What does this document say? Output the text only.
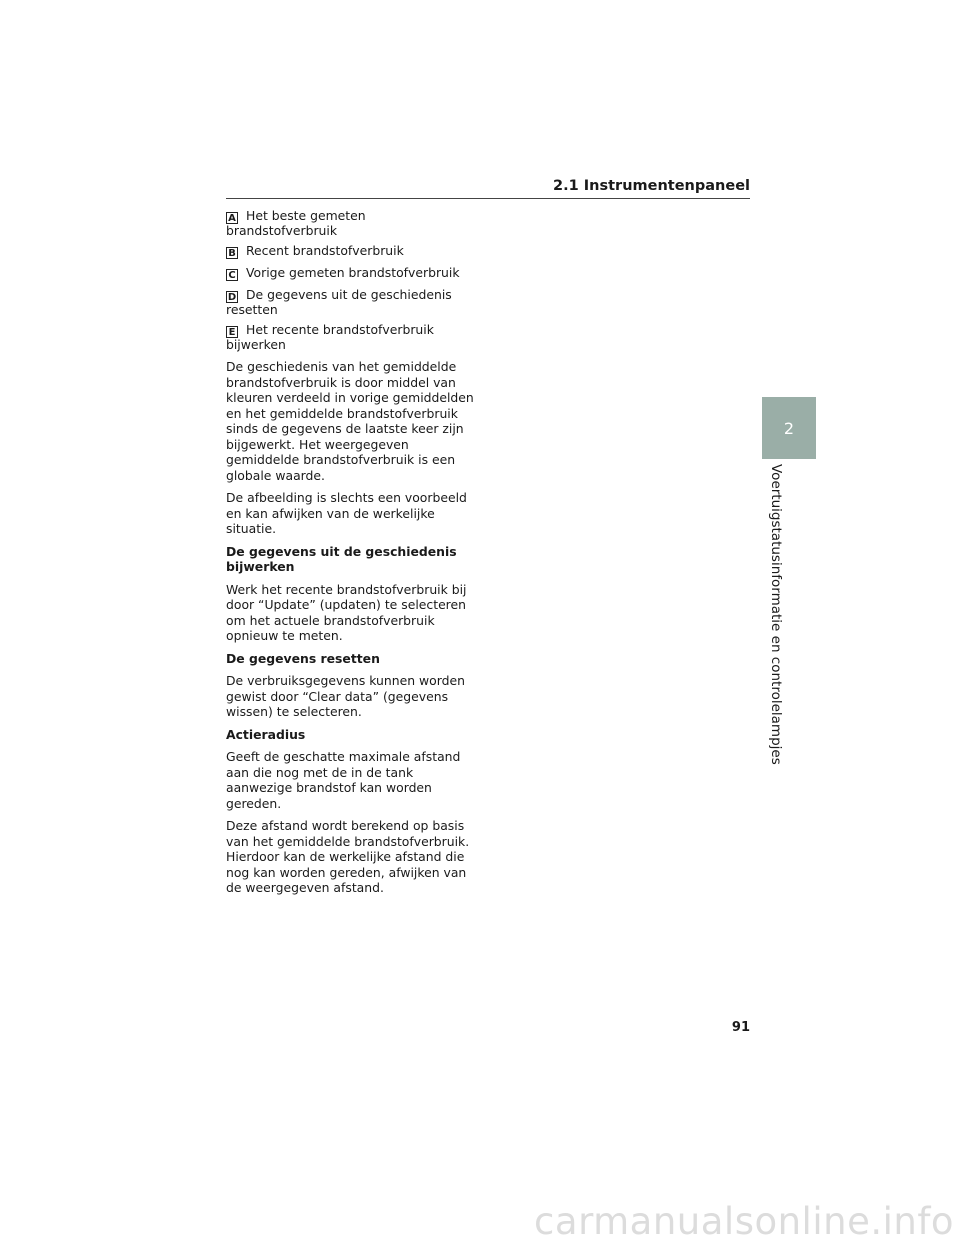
2.1 Instrumentenpaneel
A Het beste gemeten
brandstofverbruik
B Recent brandstofverbruik
C Vorige gemeten brandstofverbruik
D De gegevens uit de geschiedenis
resetten
E Het recente brandstofverbruik
bijwerken

De geschiedenis van het gemiddelde brandstofverbruik is door middel van kleuren verdeeld in vorige gemiddelden en het gemiddelde brandstofverbruik sinds de gegevens de laatste keer zijn bijgewerkt. Het weergegeven gemiddelde brandstofverbruik is een globale waarde.

De afbeelding is slechts een voorbeeld en kan afwijken van de werkelijke situatie.

De gegevens uit de geschiedenis bijwerken

Werk het recente brandstofverbruik bij door “Update” (updaten) te selecteren om het actuele brandstofverbruik opnieuw te meten.

De gegevens resetten

De verbruiksgegevens kunnen worden gewist door “Clear data” (gegevens wissen) te selecteren.

Actieradius

Geeft de geschatte maximale afstand aan die nog met de in de tank aanwezige brandstof kan worden gereden.

Deze afstand wordt berekend op basis van het gemiddelde brandstofverbruik. Hierdoor kan de werkelijke afstand die nog kan worden gereden, afwijken van de weergegeven afstand.

2
Voertuigstatusinformatie en controlelampjes
91
carmanualsonline.info
